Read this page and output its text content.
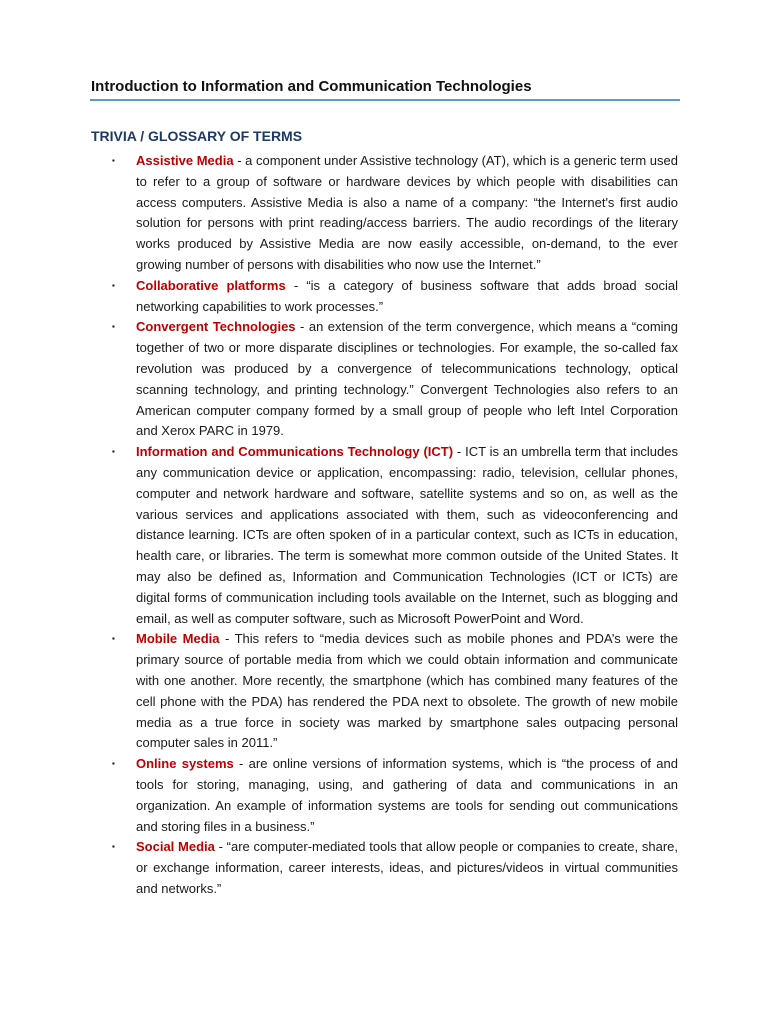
Introduction to Information and Communication Technologies
TRIVIA / GLOSSARY OF TERMS
▪ Assistive Media - a component under Assistive technology (AT), which is a generic term used to refer to a group of software or hardware devices by which people with disabilities can access computers. Assistive Media is also a name of a company: “the Internet's first audio solution for persons with print reading/access barriers. The audio recordings of the literary works produced by Assistive Media are now easily accessible, on-demand, to the ever growing number of persons with disabilities who now use the Internet.”
▪ Collaborative platforms - “is a category of business software that adds broad social networking capabilities to work processes.”
▪ Convergent Technologies - an extension of the term convergence, which means a “coming together of two or more disparate disciplines or technologies. For example, the so-called fax revolution was produced by a convergence of telecommunications technology, optical scanning technology, and printing technology.” Convergent Technologies also refers to an American computer company formed by a small group of people who left Intel Corporation and Xerox PARC in 1979.
▪ Information and Communications Technology (ICT) - ICT is an umbrella term that includes any communication device or application, encompassing: radio, television, cellular phones, computer and network hardware and software, satellite systems and so on, as well as the various services and applications associated with them, such as videoconferencing and distance learning. ICTs are often spoken of in a particular context, such as ICTs in education, health care, or libraries. The term is somewhat more common outside of the United States. It may also be defined as, Information and Communication Technologies (ICT or ICTs) are digital forms of communication including tools available on the Internet, such as blogging and email, as well as computer software, such as Microsoft PowerPoint and Word.
▪ Mobile Media - This refers to “media devices such as mobile phones and PDA’s were the primary source of portable media from which we could obtain information and communicate with one another. More recently, the smartphone (which has combined many features of the cell phone with the PDA) has rendered the PDA next to obsolete. The growth of new mobile media as a true force in society was marked by smartphone sales outpacing personal computer sales in 2011.”
▪ Online systems - are online versions of information systems, which is “the process of and tools for storing, managing, using, and gathering of data and communications in an organization. An example of information systems are tools for sending out communications and storing files in a business.”
▪ Social Media - “are computer-mediated tools that allow people or companies to create, share, or exchange information, career interests, ideas, and pictures/videos in virtual communities and networks.”
